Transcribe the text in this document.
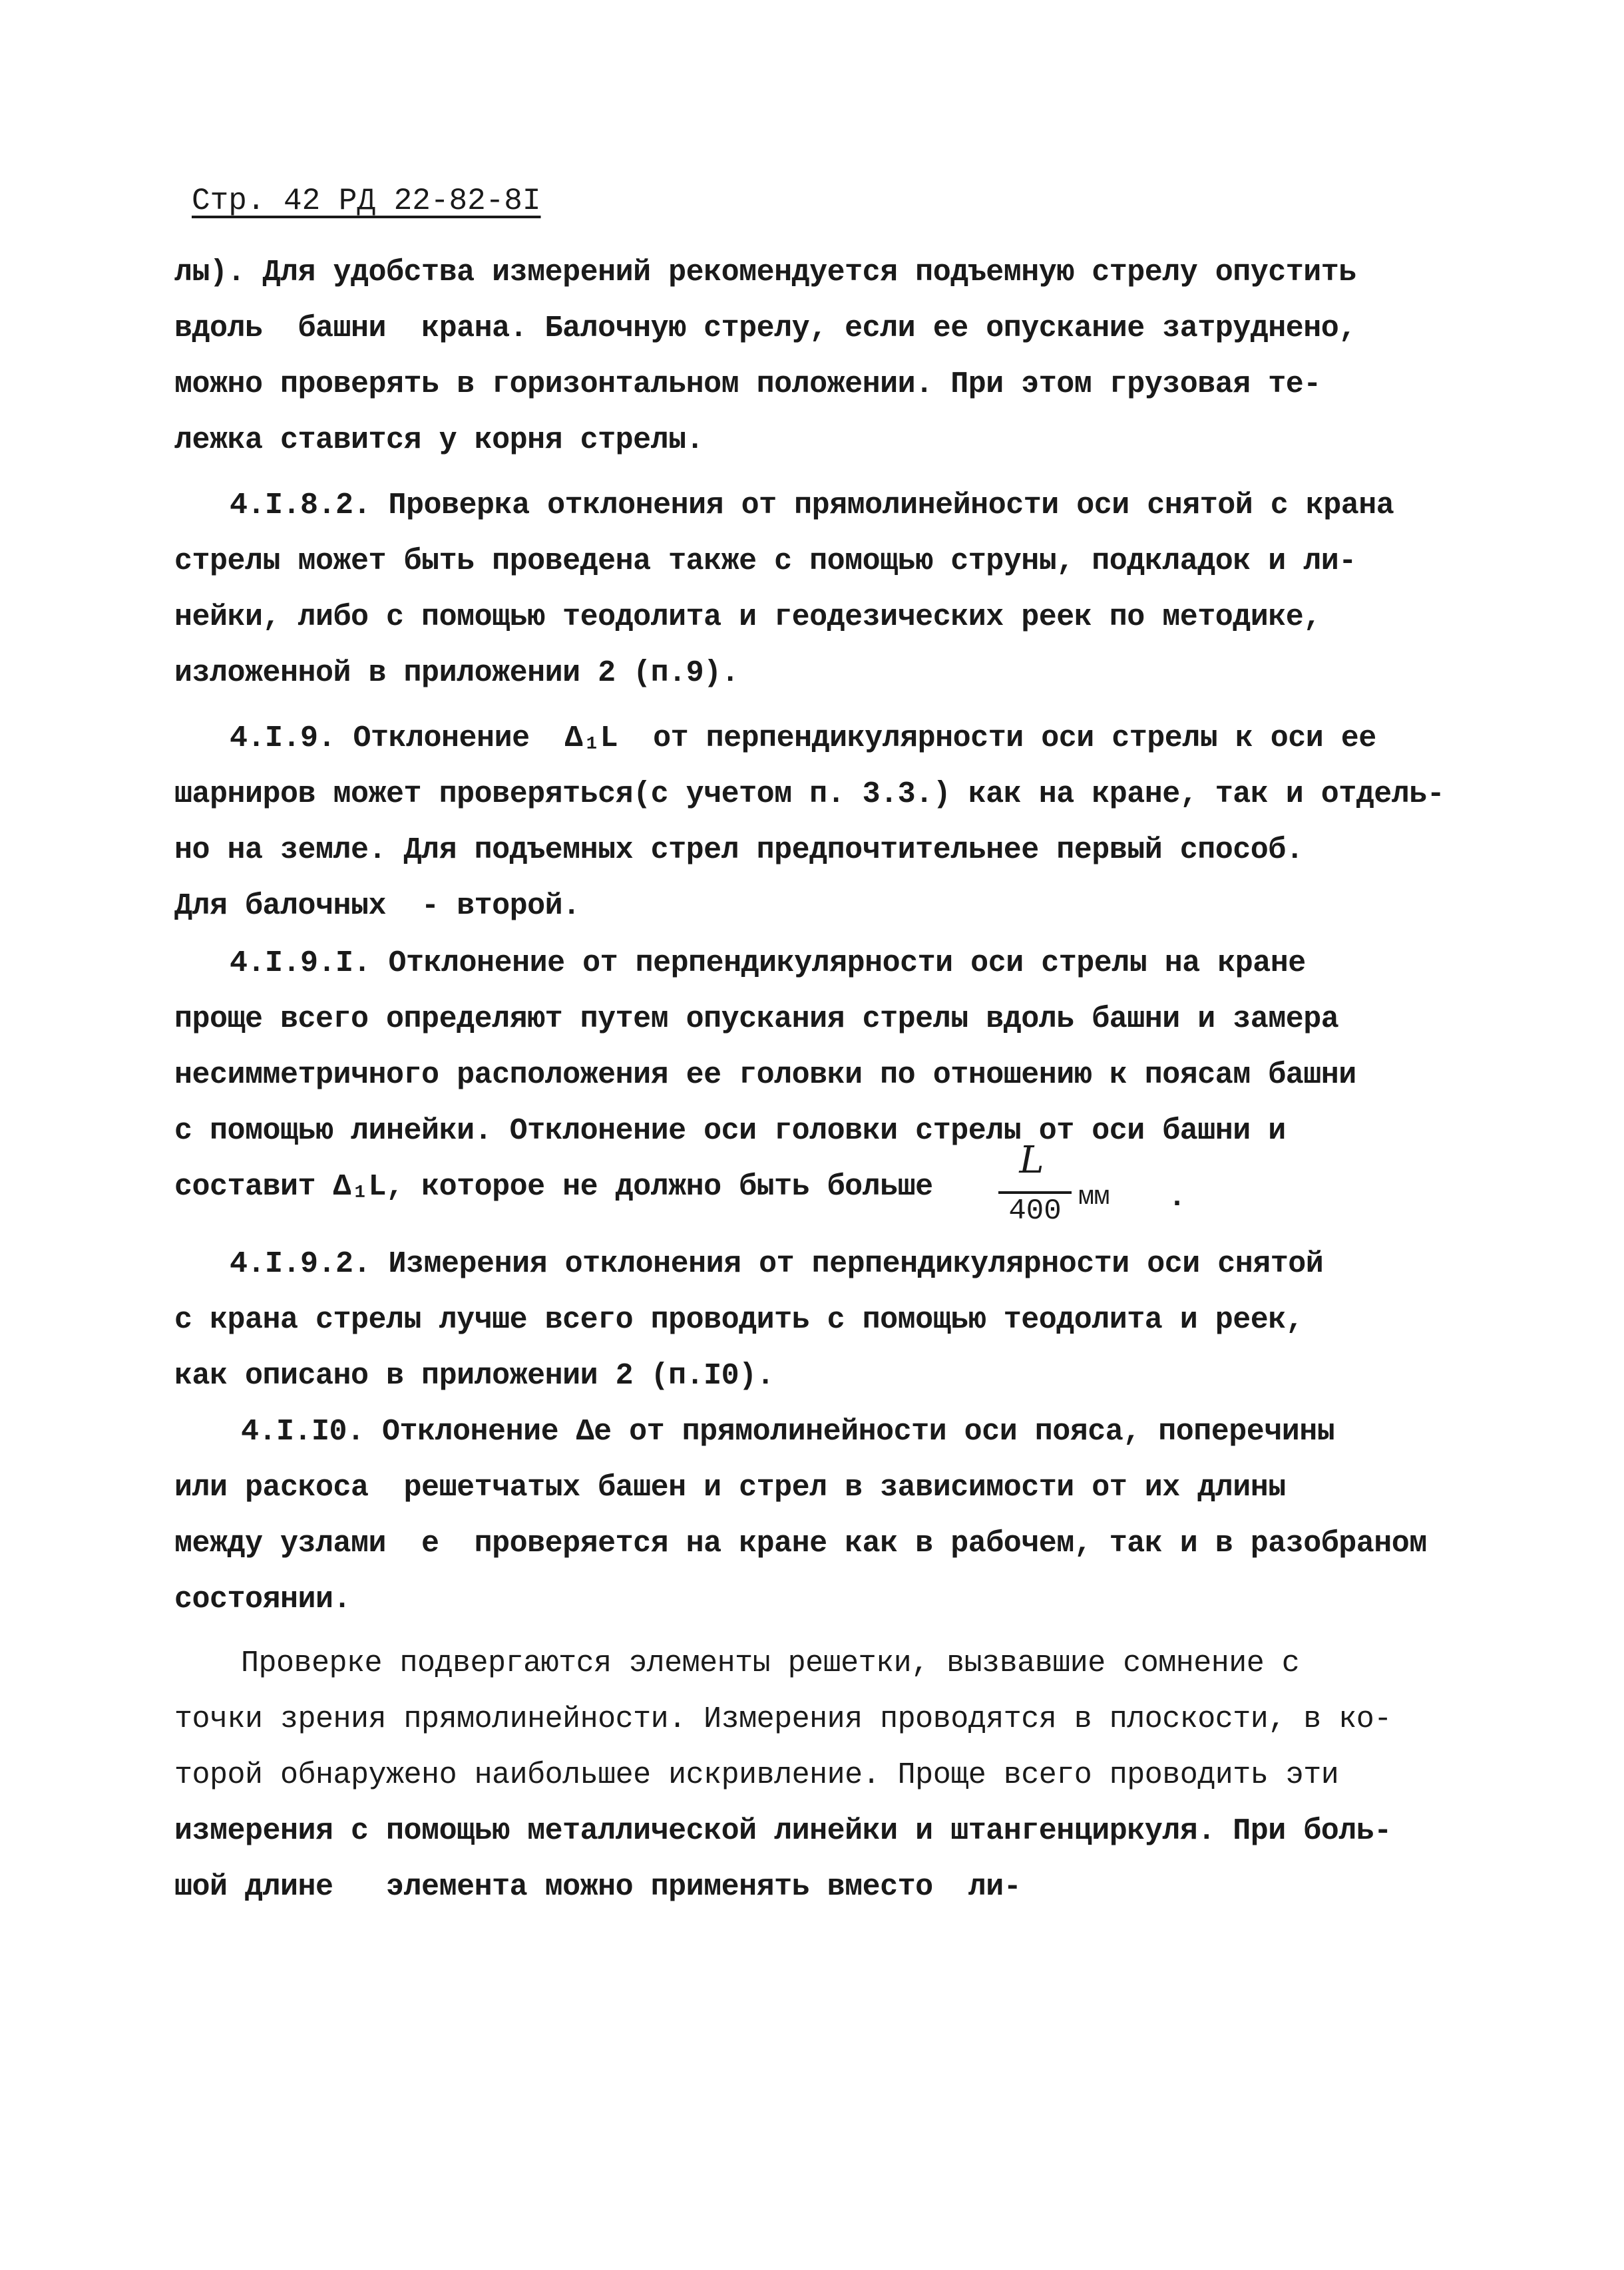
Стр. 42 РД 22-82-8I
лы). Для удобства измерений рекомендуется подъемную стрелу опустить
вдоль  башни  крана. Балочную стрелу, если ее опускание затруднено,
можно проверять в горизонтальном положении. При этом грузовая те-
лежка ставится у корня стрелы.
4.I.8.2. Проверка отклонения от прямолинейности оси снятой с крана
стрелы может быть проведена также с помощью струны, подкладок и ли-
нейки, либо с помощью теодолита и геодезических реек по методике,
изложенной в приложении 2 (п.9).
4.I.9. Отклонение  Δ₁L  от перпендикулярности оси стрелы к оси ее
шарниров может проверяться(с учетом п. 3.3.) как на кране, так и отдель-
но на земле. Для подъемных стрел предпочтительнее первый способ.
Для балочных  - второй.
4.I.9.I. Отклонение от перпендикулярности оси стрелы на кране
проще всего определяют путем опускания стрелы вдоль башни и замера
несимметричного расположения ее головки по отношению к поясам башни
с помощью линейки. Отклонение оси головки стрелы от оси башни и
составит Δ₁L, которое не должно быть больше
L
400 мм .
4.I.9.2. Измерения отклонения от перпендикулярности оси снятой
с крана стрелы лучше всего проводить с помощью теодолита и реек,
как описано в приложении 2 (п.I0).
4.I.I0. Отклонение Δe от прямолинейности оси пояса, поперечины
или раскоса  решетчатых башен и стрел в зависимости от их длины
между узлами  e  проверяется на кране как в рабочем, так и в разобраном
состоянии.
Проверке подвергаются элементы решетки, вызвавшие сомнение с
точки зрения прямолинейности. Измерения проводятся в плоскости, в ко-
торой обнаружено наибольшее искривление. Проще всего проводить эти
измерения с помощью металлической линейки и штангенциркуля. При боль-
шой длине   элемента можно применять вместо  ли-
